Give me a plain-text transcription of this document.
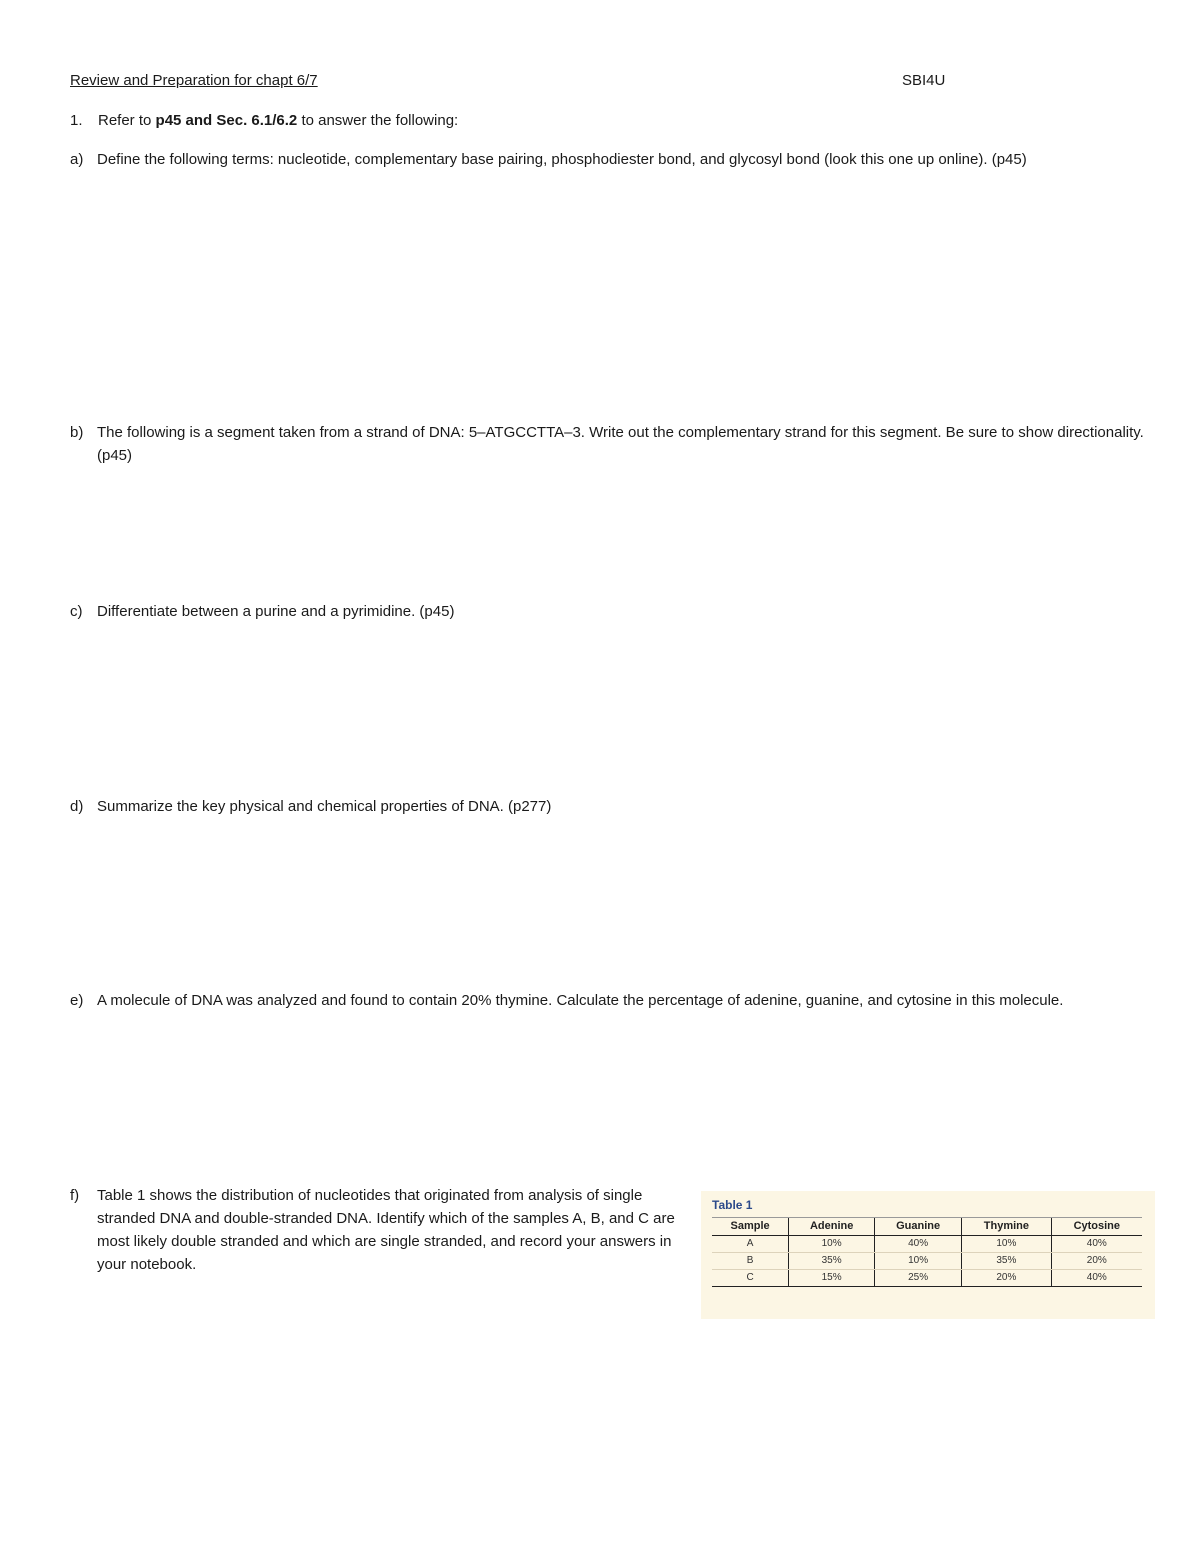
Review and Preparation for chapt 6/7	SBI4U
1. Refer to p45 and Sec. 6.1/6.2 to answer the following:
a) Define the following terms: nucleotide, complementary base pairing, phosphodiester bond, and glycosyl bond (look this one up online). (p45)
b) The following is a segment taken from a strand of DNA: 5–ATGCCTTA–3. Write out the complementary strand for this segment. Be sure to show directionality. (p45)
c) Differentiate between a purine and a pyrimidine. (p45)
d) Summarize the key physical and chemical properties of DNA. (p277)
e) A molecule of DNA was analyzed and found to contain 20% thymine. Calculate the percentage of adenine, guanine, and cytosine in this molecule.
f) Table 1 shows the distribution of nucleotides that originated from analysis of single stranded DNA and double-stranded DNA. Identify which of the samples A, B, and C are most likely double stranded and which are single stranded, and record your answers in your notebook.
Table 1
Sample	Adenine	Guanine	Thymine	Cytosine
A	10%	40%	10%	40%
B	35%	10%	35%	20%
C	15%	25%	20%	40%
